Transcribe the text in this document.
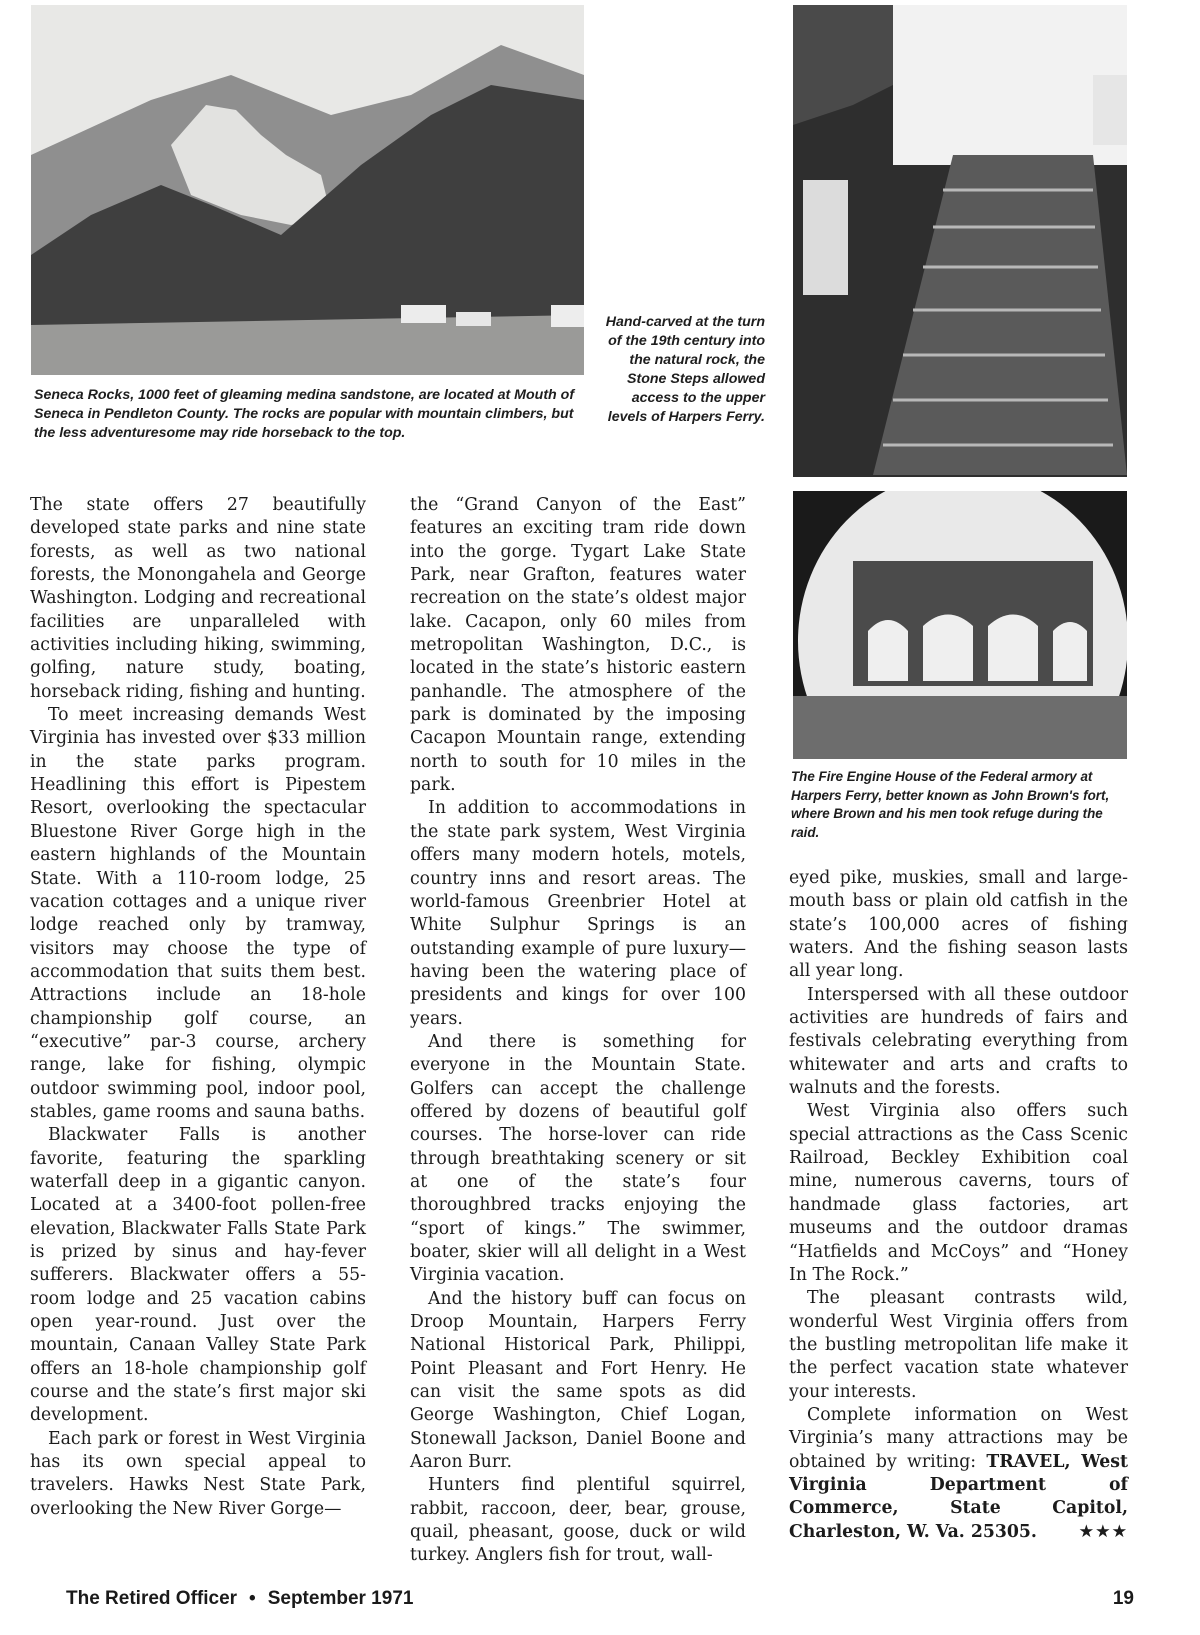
Seneca Rocks, 1000 feet of gleaming medina sandstone, are located at Mouth of Seneca in Pendleton County. The rocks are popular with mountain climbers, but the less adventuresome may ride horseback to the top.
Hand-carved at the turn of the 19th century into the natural rock, the Stone Steps allowed access to the upper levels of Harpers Ferry.
The Fire Engine House of the Federal armory at Harpers Ferry, better known as John Brown's fort, where Brown and his men took refuge during the raid.

The state offers 27 beautifully developed state parks and nine state forests, as well as two national forests, the Monongahela and George Washington. Lodging and recreational facilities are unparalleled with activities including hiking, swimming, golfing, nature study, boating, horseback riding, fishing and hunting.

To meet increasing demands West Virginia has invested over $33 million in the state parks program. Headlining this effort is Pipestem Resort, overlooking the spectacular Bluestone River Gorge high in the eastern highlands of the Mountain State. With a 110-room lodge, 25 vacation cottages and a unique river lodge reached only by tramway, visitors may choose the type of accommodation that suits them best. Attractions include an 18-hole championship golf course, an “executive” par-3 course, archery range, lake for fishing, olympic outdoor swimming pool, indoor pool, stables, game rooms and sauna baths.

Blackwater Falls is another favorite, featuring the sparkling waterfall deep in a gigantic canyon. Located at a 3400-foot pollen-free elevation, Blackwater Falls State Park is prized by sinus and hay-fever sufferers. Blackwater offers a 55-room lodge and 25 vacation cabins open year-round. Just over the mountain, Canaan Valley State Park offers an 18-hole championship golf course and the state’s first major ski development.

Each park or forest in West Virginia has its own special appeal to travelers. Hawks Nest State Park, overlooking the New River Gorge—

the “Grand Canyon of the East” features an exciting tram ride down into the gorge. Tygart Lake State Park, near Grafton, features water recreation on the state’s oldest major lake. Cacapon, only 60 miles from metropolitan Washington, D.C., is located in the state’s historic eastern panhandle. The atmosphere of the park is dominated by the imposing Cacapon Mountain range, extending north to south for 10 miles in the park.

In addition to accommodations in the state park system, West Virginia offers many modern hotels, motels, country inns and resort areas. The world-famous Greenbrier Hotel at White Sulphur Springs is an outstanding example of pure luxury—having been the watering place of presidents and kings for over 100 years.

And there is something for everyone in the Mountain State. Golfers can accept the challenge offered by dozens of beautiful golf courses. The horse-lover can ride through breathtaking scenery or sit at one of the state’s four thoroughbred tracks enjoying the “sport of kings.” The swimmer, boater, skier will all delight in a West Virginia vacation.

And the history buff can focus on Droop Mountain, Harpers Ferry National Historical Park, Philippi, Point Pleasant and Fort Henry. He can visit the same spots as did George Washington, Chief Logan, Stonewall Jackson, Daniel Boone and Aaron Burr.

Hunters find plentiful squirrel, rabbit, raccoon, deer, bear, grouse, quail, pheasant, goose, duck or wild turkey. Anglers fish for trout, wall-

eyed pike, muskies, small and large-mouth bass or plain old catfish in the state’s 100,000 acres of fishing waters. And the fishing season lasts all year long.

Interspersed with all these outdoor activities are hundreds of fairs and festivals celebrating everything from whitewater and arts and crafts to walnuts and the forests.

West Virginia also offers such special attractions as the Cass Scenic Railroad, Beckley Exhibition coal mine, numerous caverns, tours of handmade glass factories, art museums and the outdoor dramas “Hatfields and McCoys” and “Honey In The Rock.”

The pleasant contrasts wild, wonderful West Virginia offers from the bustling metropolitan life make it the perfect vacation state whatever your interests.

Complete information on West Virginia’s many attractions may be obtained by writing: TRAVEL, West Virginia Department of Commerce, State Capitol, Charleston, W. Va. 25305.	★★★

The Retired Officer • September 1971	19
